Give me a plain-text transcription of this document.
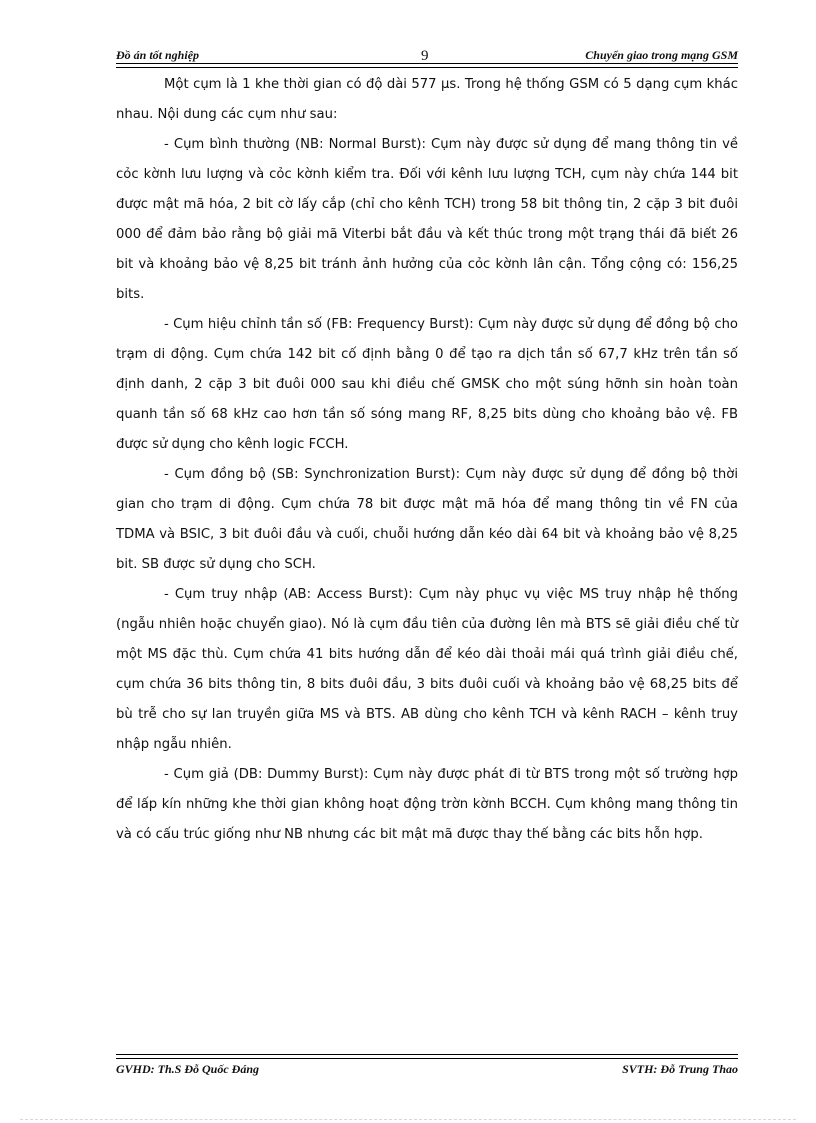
Đồ án tốt nghiệp	9	Chuyển giao trong mạng GSM

Một cụm là 1 khe thời gian có độ dài 577 µs. Trong hệ thống GSM có 5 dạng cụm khác nhau. Nội dung các cụm như sau:

- Cụm bình thường (NB: Normal Burst): Cụm này được sử dụng để mang thông tin về cỏc kờnh lưu lượng và cỏc kờnh kiểm tra. Đối với kênh lưu lượng TCH, cụm này chứa 144 bit được mật mã hóa, 2 bit cờ lấy cắp (chỉ cho kênh TCH) trong 58 bit thông tin, 2 cặp 3 bit đuôi 000 để đảm bảo rằng bộ giải mã Viterbi bắt đầu và kết thúc trong một trạng thái đã biết 26 bit và khoảng bảo vệ 8,25 bit tránh ảnh hưởng của cỏc kờnh lân cận. Tổng cộng có: 156,25 bits.

- Cụm hiệu chỉnh tần số (FB: Frequency Burst): Cụm này được sử dụng để đồng bộ cho trạm di động. Cụm chứa 142 bit cố định bằng 0 để tạo ra dịch tần số 67,7 kHz trên tần số định danh, 2 cặp 3 bit đuôi 000 sau khi điều chế GMSK cho một súng hỡnh sin hoàn toàn quanh tần số 68 kHz cao hơn tần số sóng mang RF, 8,25 bits dùng cho khoảng bảo vệ. FB được sử dụng cho kênh logic FCCH.

- Cụm đồng bộ (SB: Synchronization Burst): Cụm này được sử dụng để đồng bộ thời gian cho trạm di động. Cụm chứa 78 bit được mật mã hóa để mang thông tin về FN của TDMA và BSIC, 3 bit đuôi đầu và cuối, chuỗi hướng dẫn kéo dài 64 bit và khoảng bảo vệ 8,25 bit. SB được sử dụng cho SCH.

- Cụm truy nhập (AB: Access Burst): Cụm này phục vụ việc MS truy nhập hệ thống (ngẫu nhiên hoặc chuyển giao). Nó là cụm đầu tiên của đường lên mà BTS sẽ giải điều chế từ một MS đặc thù. Cụm chứa 41 bits hướng dẫn để kéo dài thoải mái quá trình giải điều chế, cụm chứa 36 bits thông tin, 8 bits đuôi đầu, 3 bits đuôi cuối và khoảng bảo vệ 68,25 bits để bù trễ cho sự lan truyền giữa MS và BTS. AB dùng cho kênh TCH và kênh RACH – kênh truy nhập ngẫu nhiên.

- Cụm giả (DB: Dummy Burst): Cụm này được phát đi từ BTS trong một số trường hợp để lấp kín những khe thời gian không hoạt động trờn kờnh BCCH. Cụm không mang thông tin và có cấu trúc giống như NB nhưng các bit mật mã được thay thế bằng các bits hỗn hợp.

GVHD: Th.S Đỗ Quốc Đáng	SVTH: Đỗ Trung Thao
